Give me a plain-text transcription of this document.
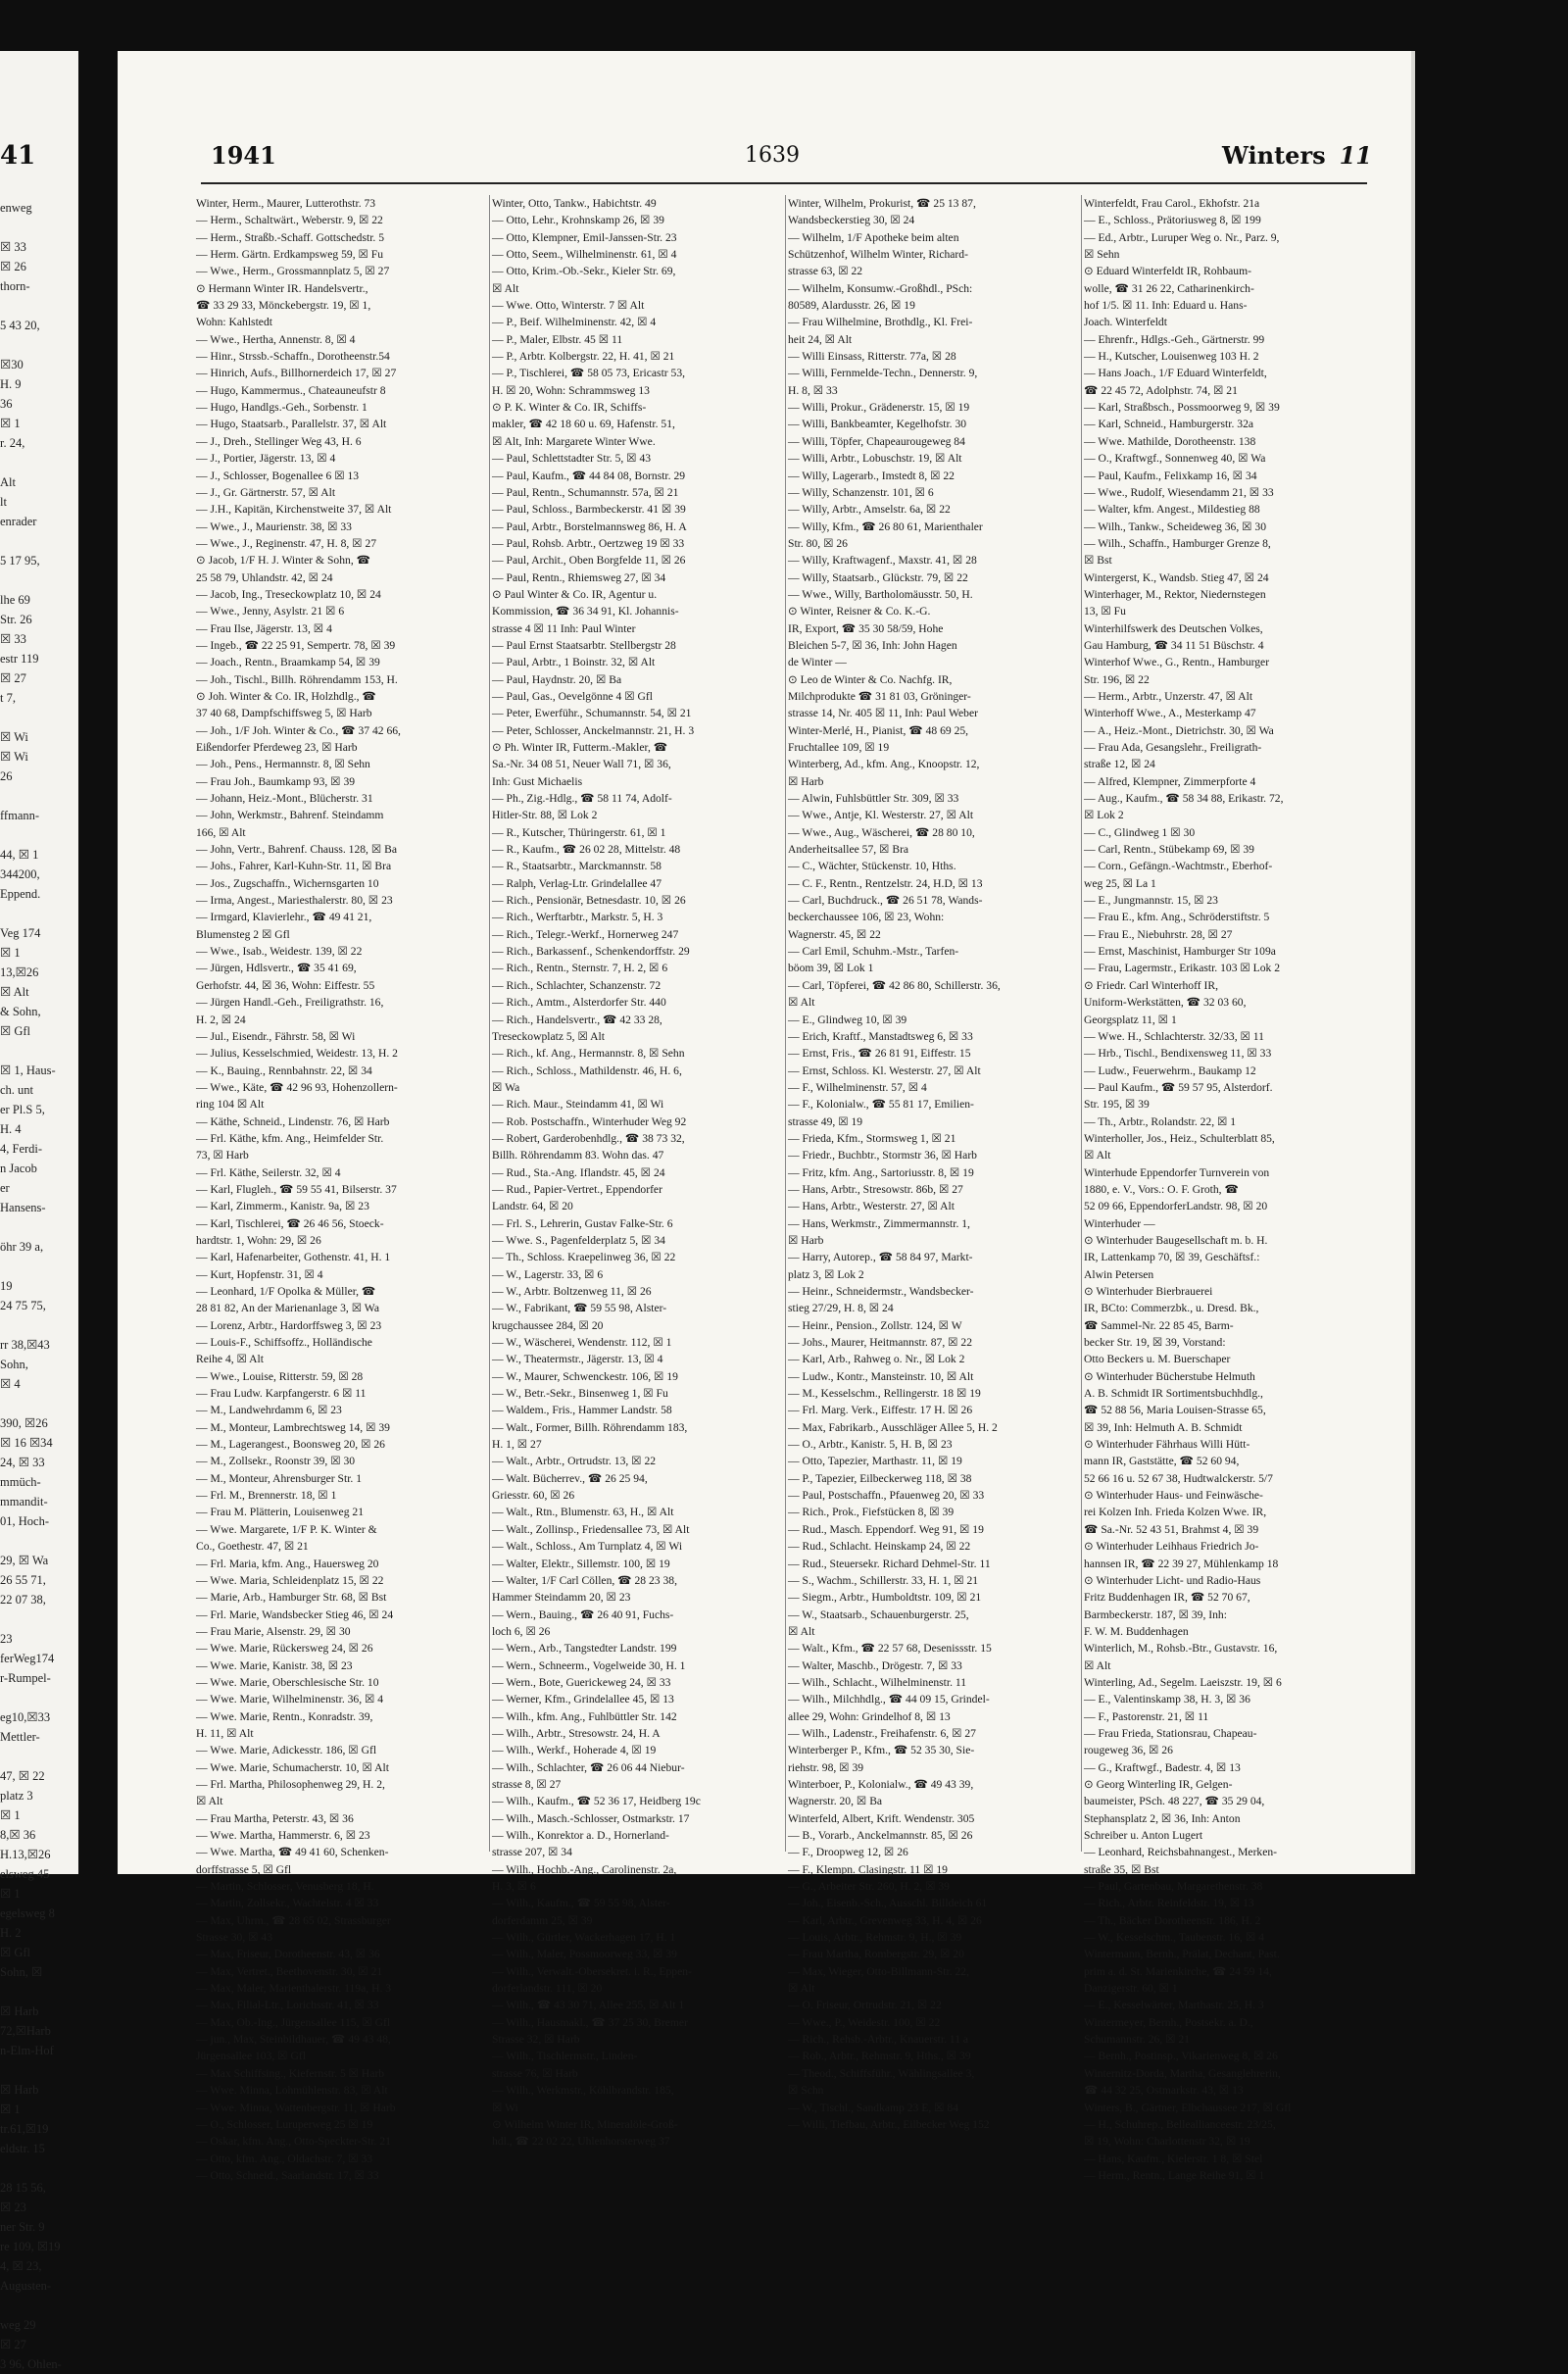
41
enweg

☒ 33
☒ 26
thorn-

5 43 20,

☒30
H. 9
36
☒ 1
r. 24,

Alt
lt
enrader

5 17 95,

lhe 69
Str. 26
☒ 33
estr 119
☒ 27
t 7,

☒ Wi
☒ Wi
26

ffmann-

44, ☒ 1
344200,
Eppend.

Veg 174
☒ 1
13,☒26
☒ Alt
& Sohn,
☒ Gfl

☒ 1, Haus-
ch. unt
er Pl.S 5,
H. 4
4, Ferdi-
n Jacob
er
Hansens-

öhr 39 a,

19
24 75 75,

rr 38,☒43
Sohn,
☒ 4

390, ☒26
☒ 16 ☒34
24, ☒ 33
mmüch-
mmandit-
01, Hoch-

29, ☒ Wa
26 55 71,
22 07 38,

23
ferWeg174
r-Rumpel-

eg10,☒33
Mettler-

47, ☒ 22
platz 3
☒ 1
8,☒ 36
H.13,☒26
elsweg 45
☒ 1
egelsweg 8
H. 2
☒ Gfl
Sohn, ☒

☒ Harb
72,☒Harb
n-Elm-Hof

☒ Harb
☒ 1
tr.61,☒19
eldstr. 15

28 15 56,
☒ 23
ner Str. 9
re 109, ☒19
4, ☒ 23,
Augusten-

weg 29
☒ 27
3 96, Ohlen-
1941	1639	Winters 11
Winter, Herm., Maurer, Lutterothstr. 73
— Herm., Schaltwärt., Weberstr. 9, ☒ 22
— Herm., Straßb.-Schaff. Gottschedstr. 5
— Herm. Gärtn. Erdkampsweg 59, ☒ Fu
— Wwe., Herm., Grossmannplatz 5, ☒ 27
⊙ Hermann Winter IR. Handelsvertr.,
☎ 33 29 33, Mönckebergstr. 19, ☒ 1,
Wohn: Kahlstedt
— Wwe., Hertha, Annenstr. 8, ☒ 4
— Hinr., Strssb.-Schaffn., Dorotheenstr.54
— Hinrich, Aufs., Billhornerdeich 17, ☒ 27
— Hugo, Kammermus., Chateauneufstr 8
— Hugo, Handlgs.-Geh., Sorbenstr. 1
— Hugo, Staatsarb., Parallelstr. 37, ☒ Alt
— J., Dreh., Stellinger Weg 43, H. 6
— J., Portier, Jägerstr. 13, ☒ 4
— J., Schlosser, Bogenallee 6 ☒ 13
— J., Gr. Gärtnerstr. 57, ☒ Alt
— J.H., Kapitän, Kirchenstweite 37, ☒ Alt
— Wwe., J., Maurienstr. 38, ☒ 33
— Wwe., J., Reginenstr. 47, H. 8, ☒ 27
⊙ Jacob, 1/F H. J. Winter & Sohn, ☎
25 58 79, Uhlandstr. 42, ☒ 24
— Jacob, Ing., Treseckowplatz 10, ☒ 24
— Wwe., Jenny, Asylstr. 21 ☒ 6
— Frau Ilse, Jägerstr. 13, ☒ 4
— Ingeb., ☎ 22 25 91, Sempertr. 78, ☒ 39
— Joach., Rentn., Braamkamp 54, ☒ 39
— Joh., Tischl., Billh. Röhrendamm 153, H.
⊙ Joh. Winter & Co. IR, Holzhdlg., ☎
37 40 68, Dampfschiffsweg 5, ☒ Harb
— Joh., 1/F Joh. Winter & Co., ☎ 37 42 66,
Eißendorfer Pferdeweg 23, ☒ Harb
— Joh., Pens., Hermannstr. 8, ☒ Sehn
— Frau Joh., Baumkamp 93, ☒ 39
— Johann, Heiz.-Mont., Blücherstr. 31
— John, Werkmstr., Bahrenf. Steindamm
166, ☒ Alt
— John, Vertr., Bahrenf. Chauss. 128, ☒ Ba
— Johs., Fahrer, Karl-Kuhn-Str. 11, ☒ Bra
— Jos., Zugschaffn., Wichernsgarten 10
— Irma, Angest., Mariesthalerstr. 80, ☒ 23
— Irmgard, Klavierlehr., ☎ 49 41 21,
Blumensteg 2 ☒ Gfl
— Wwe., Isab., Weidestr. 139, ☒ 22
— Jürgen, Hdlsvertr., ☎ 35 41 69,
Gerhofstr. 44, ☒ 36, Wohn: Eiffestr. 55
— Jürgen Handl.-Geh., Freiligrathstr. 16,
H. 2, ☒ 24
— Jul., Eisendr., Fährstr. 58, ☒ Wi
— Julius, Kesselschmied, Weidestr. 13, H. 2
— K., Bauing., Rennbahnstr. 22, ☒ 34
— Wwe., Käte, ☎ 42 96 93, Hohenzollern-
ring 104 ☒ Alt
— Käthe, Schneid., Lindenstr. 76, ☒ Harb
— Frl. Käthe, kfm. Ang., Heimfelder Str.
73, ☒ Harb
— Frl. Käthe, Seilerstr. 32, ☒ 4
— Karl, Flugleh., ☎ 59 55 41, Bilserstr. 37
— Karl, Zimmerm., Kanistr. 9a, ☒ 23
— Karl, Tischlerei, ☎ 26 46 56, Stoeck-
hardtstr. 1, Wohn: 29, ☒ 26
— Karl, Hafenarbeiter, Gothenstr. 41, H. 1
— Kurt, Hopfenstr. 31, ☒ 4
— Leonhard, 1/F Opolka & Müller, ☎
28 81 82, An der Marienanlage 3, ☒ Wa
— Lorenz, Arbtr., Hardorffsweg 3, ☒ 23
— Louis-F., Schiffsoffz., Holländische
Reihe 4, ☒ Alt
— Wwe., Louise, Ritterstr. 59, ☒ 28
— Frau Ludw. Karpfangerstr. 6 ☒ 11
— M., Landwehrdamm 6, ☒ 23
— M., Monteur, Lambrechtsweg 14, ☒ 39
— M., Lagerangest., Boonsweg 20, ☒ 26
— M., Zollsekr., Roonstr 39, ☒ 30
— M., Monteur, Ahrensburger Str. 1
— Frl. M., Brennerstr. 18, ☒ 1
— Frau M. Plätterin, Louisenweg 21
— Wwe. Margarete, 1/F P. K. Winter &
Co., Goethestr. 47, ☒ 21
— Frl. Maria, kfm. Ang., Hauersweg 20
— Wwe. Maria, Schleidenplatz 15, ☒ 22
— Marie, Arb., Hamburger Str. 68, ☒ Bst
— Frl. Marie, Wandsbecker Stieg 46, ☒ 24
— Frau Marie, Alsenstr. 29, ☒ 30
— Wwe. Marie, Rückersweg 24, ☒ 26
— Wwe. Marie, Kanistr. 38, ☒ 23
— Wwe. Marie, Oberschlesische Str. 10
— Wwe. Marie, Wilhelminenstr. 36, ☒ 4
— Wwe. Marie, Rentn., Konradstr. 39,
H. 11, ☒ Alt
— Wwe. Marie, Adickesstr. 186, ☒ Gfl
— Wwe. Marie, Schumacherstr. 10, ☒ Alt
— Frl. Martha, Philosophenweg 29, H. 2,
☒ Alt
— Frau Martha, Peterstr. 43, ☒ 36
— Wwe. Martha, Hammerstr. 6, ☒ 23
— Wwe. Martha, ☎ 49 41 60, Schenken-
dorffstrasse 5, ☒ Gfl
— Martin, Schlosser, Venusberg 18, H.
— Martin, Zollsekr., Wachtelstr. 4 ☒ 33
— Max, Uhrm., ☎ 28 65 02, Strassburger
Strasse 30, ☒ 43
— Max, Friseur, Dorotheenstr. 43, ☒ 36
— Max, Vertret., Beethovenstr. 30, ☒ 21
— Max, Maler, Marienthalerstr. 119a, H. 3
— Max, Filial-Ltr., Lorichsstr. 41, ☒ 33
— Max, Ob.-Ing., Jürgensallee 115, ☒ Gfl
— jun., Max, Steinbildhauer, ☎ 49 43 48,
Jürgensallee 103, ☒ Gfl
— Max Schiffsing., Kiefernstr. 5 ☒ Harb
— Wwe. Minna, Lohmühlenstr. 83, ☒ Alt
— Wwe. Minna, Wattenbergstr. 11, ☒ Harb
— O., Schlosser, Luruperweg 25 ☒ 19
— Oskar, kfm. Ang., Otto-Speckter-Str. 21
— Otto, kfm. Ang., Oldachstr. 7, ☒ 33
— Otto, Schneid., Saarlandstr. 17, ☒ 33
Winter, Otto, Tankw., Habichtstr. 49
— Otto, Lehr., Krohnskamp 26, ☒ 39
— Otto, Klempner, Emil-Janssen-Str. 23
— Otto, Seem., Wilhelminenstr. 61, ☒ 4
— Otto, Krim.-Ob.-Sekr., Kieler Str. 69,
☒ Alt
— Wwe. Otto, Winterstr. 7 ☒ Alt
— P., Beif. Wilhelminenstr. 42, ☒ 4
— P., Maler, Elbstr. 45 ☒ 11
— P., Arbtr. Kolbergstr. 22, H. 41, ☒ 21
— P., Tischlerei, ☎ 58 05 73, Ericastr 53,
H. ☒ 20, Wohn: Schrammsweg 13
⊙ P. K. Winter & Co. IR, Schiffs-
makler, ☎ 42 18 60 u. 69, Hafenstr. 51,
☒ Alt, Inh: Margarete Winter Wwe.
— Paul, Schlettstadter Str. 5, ☒ 43
— Paul, Kaufm., ☎ 44 84 08, Bornstr. 29
— Paul, Rentn., Schumannstr. 57a, ☒ 21
— Paul, Schloss., Barmbeckerstr. 41 ☒ 39
— Paul, Arbtr., Borstelmannsweg 86, H. A
— Paul, Rohsb. Arbtr., Oertzweg 19 ☒ 33
— Paul, Archit., Oben Borgfelde 11, ☒ 26
— Paul, Rentn., Rhiemsweg 27, ☒ 34
⊙ Paul Winter & Co. IR, Agentur u.
Kommission, ☎ 36 34 91, Kl. Johannis-
strasse 4 ☒ 11 Inh: Paul Winter
— Paul Ernst Staatsarbtr. Stellbergstr 28
— Paul, Arbtr., 1 Boinstr. 32, ☒ Alt
— Paul, Haydnstr. 20, ☒ Ba
— Paul, Gas., Oevelgönne 4 ☒ Gfl
— Peter, Ewerführ., Schumannstr. 54, ☒ 21
— Peter, Schlosser, Anckelmannstr. 21, H. 3
⊙ Ph. Winter IR, Futterm.-Makler, ☎
Sa.-Nr. 34 08 51, Neuer Wall 71, ☒ 36,
Inh: Gust Michaelis
— Ph., Zig.-Hdlg., ☎ 58 11 74, Adolf-
Hitler-Str. 88, ☒ Lok 2
— R., Kutscher, Thüringerstr. 61, ☒ 1
— R., Kaufm., ☎ 26 02 28, Mittelstr. 48
— R., Staatsarbtr., Marckmannstr. 58
— Ralph, Verlag-Ltr. Grindelallee 47
— Rich., Pensionär, Betnesdastr. 10, ☒ 26
— Rich., Werftarbtr., Markstr. 5, H. 3
— Rich., Telegr.-Werkf., Hornerweg 247
— Rich., Barkassenf., Schenkendorffstr. 29
— Rich., Rentn., Sternstr. 7, H. 2, ☒ 6
— Rich., Schlachter, Schanzenstr. 72
— Rich., Amtm., Alsterdorfer Str. 440
— Rich., Handelsvertr., ☎ 42 33 28,
Treseckowplatz 5, ☒ Alt
— Rich., kf. Ang., Hermannstr. 8, ☒ Sehn
— Rich., Schloss., Mathildenstr. 46, H. 6,
☒ Wa
— Rich. Maur., Steindamm 41, ☒ Wi
— Rob. Postschaffn., Winterhuder Weg 92
— Robert, Garderobenhdlg., ☎ 38 73 32,
Billh. Röhrendamm 83. Wohn das. 47
— Rud., Sta.-Ang. Iflandstr. 45, ☒ 24
— Rud., Papier-Vertret., Eppendorfer
Landstr. 64, ☒ 20
— Frl. S., Lehrerin, Gustav Falke-Str. 6
— Wwe. S., Pagenfelderplatz 5, ☒ 34
— Th., Schloss. Kraepelinweg 36, ☒ 22
— W., Lagerstr. 33, ☒ 6
— W., Arbtr. Boltzenweg 11, ☒ 26
— W., Fabrikant, ☎ 59 55 98, Alster-
krugchaussee 284, ☒ 20
— W., Wäscherei, Wendenstr. 112, ☒ 1
— W., Theatermstr., Jägerstr. 13, ☒ 4
— W., Maurer, Schwenckestr. 106, ☒ 19
— W., Betr.-Sekr., Binsenweg 1, ☒ Fu
— Waldem., Fris., Hammer Landstr. 58
— Walt., Former, Billh. Röhrendamm 183,
H. 1, ☒ 27
— Walt., Arbtr., Ortrudstr. 13, ☒ 22
— Walt. Bücherrev., ☎ 26 25 94,
Griesstr. 60, ☒ 26
— Walt., Rtn., Blumenstr. 63, H., ☒ Alt
— Walt., Zollinsp., Friedensallee 73, ☒ Alt
— Walt., Schloss., Am Turnplatz 4, ☒ Wi
— Walter, Elektr., Sillemstr. 100, ☒ 19
— Walter, 1/F Carl Cöllen, ☎ 28 23 38,
Hammer Steindamm 20, ☒ 23
— Wern., Bauing., ☎ 26 40 91, Fuchs-
loch 6, ☒ 26
— Wern., Arb., Tangstedter Landstr. 199
— Wern., Schneerm., Vogelweide 30, H. 1
— Wern., Bote, Guerickeweg 24, ☒ 33
— Werner, Kfm., Grindelallee 45, ☒ 13
— Wilh., kfm. Ang., Fuhlbüttler Str. 142
— Wilh., Arbtr., Stresowstr. 24, H. A
— Wilh., Werkf., Hoherade 4, ☒ 19
— Wilh., Schlachter, ☎ 26 06 44 Niebur-
strasse 8, ☒ 27
— Wilh., Kaufm., ☎ 52 36 17, Heidberg 19c
— Wilh., Masch.-Schlosser, Ostmarkstr. 17
— Wilh., Konrektor a. D., Hornerland-
strasse 207, ☒ 34
— Wilh., Hochb.-Ang., Carolinenstr. 2a,
H. 3, ☒ 6
— Wilh., Kaufm., ☎ 59 55 98, Alster-
dorferdamm 25, ☒ 39
— Wilh., Gürtler, Wackerhagen 17, H. 1
— Wilh., Maler, Possmoorweg 33, ☒ 39
— Wilh., Verwalt.-Obersekret. i. R., Eppen-
dorferlandstr. 111, ☒ 20
— Wilh., ☎ 43 30 71, Allee 255, ☒ Alt 1
— Wilh., Hausmakl., ☎ 37 25 30, Bremer
Strasse 32, ☒ Harb
— Wilh., Tischlermstr., Linden-
strasse 76, ☒ Harb
— Wilh., Werkmstr., Köhlbrandstr. 185,
☒ Wi
⊙ Wilhelm Winter IR, Mineralöle-Groß-
hdl., ☎ 22 02 22, Uhlenhorsterweg 37
Winter, Wilhelm, Prokurist, ☎ 25 13 87,
Wandsbeckerstieg 30, ☒ 24
— Wilhelm, 1/F Apotheke beim alten
Schützenhof, Wilhelm Winter, Richard-
strasse 63, ☒ 22
— Wilhelm, Konsumw.-Großhdl., PSch:
80589, Alardusstr. 26, ☒ 19
— Frau Wilhelmine, Brothdlg., Kl. Frei-
heit 24, ☒ Alt
— Willi Einsass, Ritterstr. 77a, ☒ 28
— Willi, Fernmelde-Techn., Dennerstr. 9,
H. 8, ☒ 33
— Willi, Prokur., Grädenerstr. 15, ☒ 19
— Willi, Bankbeamter, Kegelhofstr. 30
— Willi, Töpfer, Chapeaurougeweg 84
— Willi, Arbtr., Lobuschstr. 19, ☒ Alt
— Willy, Lagerarb., Imstedt 8, ☒ 22
— Willy, Schanzenstr. 101, ☒ 6
— Willy, Arbtr., Amselstr. 6a, ☒ 22
— Willy, Kfm., ☎ 26 80 61, Marienthaler
Str. 80, ☒ 26
— Willy, Kraftwagenf., Maxstr. 41, ☒ 28
— Willy, Staatsarb., Glückstr. 79, ☒ 22
— Wwe., Willy, Bartholomäusstr. 50, H.
⊙ Winter, Reisner & Co. K.-G.
IR, Export, ☎ 35 30 58/59, Hohe
Bleichen 5-7, ☒ 36, Inh: John Hagen
de Winter —
⊙ Leo de Winter & Co. Nachfg. IR,
Milchprodukte ☎ 31 81 03, Gröninger-
strasse 14, Nr. 405 ☒ 11, Inh: Paul Weber
Winter-Merlé, H., Pianist, ☎ 48 69 25,
Fruchtallee 109, ☒ 19
Winterberg, Ad., kfm. Ang., Knoopstr. 12,
☒ Harb
— Alwin, Fuhlsbüttler Str. 309, ☒ 33
— Wwe., Antje, Kl. Westerstr. 27, ☒ Alt
— Wwe., Aug., Wäscherei, ☎ 28 80 10,
Anderheitsallee 57, ☒ Bra
— C., Wächter, Stückenstr. 10, Hths.
— C. F., Rentn., Rentzelstr. 24, H.D, ☒ 13
— Carl, Buchdruck., ☎ 26 51 78, Wands-
beckerchaussee 106, ☒ 23, Wohn:
Wagnerstr. 45, ☒ 22
— Carl Emil, Schuhm.-Mstr., Tarfen-
böom 39, ☒ Lok 1
— Carl, Töpferei, ☎ 42 86 80, Schillerstr. 36,
☒ Alt
— E., Glindweg 10, ☒ 39
— Erich, Kraftf., Manstadtsweg 6, ☒ 33
— Ernst, Fris., ☎ 26 81 91, Eiffestr. 15
— Ernst, Schloss. Kl. Westerstr. 27, ☒ Alt
— F., Wilhelminenstr. 57, ☒ 4
— F., Kolonialw., ☎ 55 81 17, Emilien-
strasse 49, ☒ 19
— Frieda, Kfm., Stormsweg 1, ☒ 21
— Friedr., Buchbtr., Stormstr 36, ☒ Harb
— Fritz, kfm. Ang., Sartoriusstr. 8, ☒ 19
— Hans, Arbtr., Stresowstr. 86b, ☒ 27
— Hans, Arbtr., Westerstr. 27, ☒ Alt
— Hans, Werkmstr., Zimmermannstr. 1,
☒ Harb
— Harry, Autorep., ☎ 58 84 97, Markt-
platz 3, ☒ Lok 2
— Heinr., Schneidermstr., Wandsbecker-
stieg 27/29, H. 8, ☒ 24
— Heinr., Pension., Zollstr. 124, ☒ W
— Johs., Maurer, Heitmannstr. 87, ☒ 22
— Karl, Arb., Rahweg o. Nr., ☒ Lok 2
— Ludw., Kontr., Mansteinstr. 10, ☒ Alt
— M., Kesselschm., Rellingerstr. 18 ☒ 19
— Frl. Marg. Verk., Eiffestr. 17 H. ☒ 26
— Max, Fabrikarb., Ausschläger Allee 5, H. 2
— O., Arbtr., Kanistr. 5, H. B, ☒ 23
— Otto, Tapezier, Marthastr. 11, ☒ 19
— P., Tapezier, Eilbeckerweg 118, ☒ 38
— Paul, Postschaffn., Pfauenweg 20, ☒ 33
— Rich., Prok., Fiefstücken 8, ☒ 39
— Rud., Masch. Eppendorf. Weg 91, ☒ 19
— Rud., Schlacht. Heinskamp 24, ☒ 22
— Rud., Steuersekr. Richard Dehmel-Str. 11
— S., Wachm., Schillerstr. 33, H. 1, ☒ 21
— Siegm., Arbtr., Humboldtstr. 109, ☒ 21
— W., Staatsarb., Schauenburgerstr. 25,
☒ Alt
— Walt., Kfm., ☎ 22 57 68, Desenissstr. 15
— Walter, Maschb., Drögestr. 7, ☒ 33
— Wilh., Schlacht., Wilhelminenstr. 11
— Wilh., Milchhdlg., ☎ 44 09 15, Grindel-
allee 29, Wohn: Grindelhof 8, ☒ 13
— Wilh., Ladenstr., Freihafenstr. 6, ☒ 27
Winterberger P., Kfm., ☎ 52 35 30, Sie-
riehstr. 98, ☒ 39
Winterboer, P., Kolonialw., ☎ 49 43 39,
Wagnerstr. 20, ☒ Ba
Winterfeld, Albert, Krift. Wendenstr. 305
— B., Vorarb., Anckelmannstr. 85, ☒ 26
— F., Droopweg 12, ☒ 26
— F., Klempn. Clasingstr. 11 ☒ 19
— G., Arbeiter Str. 260, H. 2, ☒ 39
— Joh., Eisenb.-Sch., Ausschl. Billdeich 61
— Karl, Arbtr., Grevenweg 33, H. 4, ☒ 26
— Louis, Arbtr., Rehmstr. 9, H., ☒ 39
— Frau Martha, Rombergstr. 29, ☒ 20
— Max, Wieger, Otto-Billmann-Str. 22,
☒ Alt
— O. Friseur, Ortrudstr. 21, ☒ 22
— Wwe., P., Weidestr. 100, ☒ 22
— Rich., Rehsb.-Arbtr., Knauerstr. 11 a
— Rob., Arbtr., Rehmstr. 9, Hths., ☒ 39
— Theod., Schiffsführ., Wählingsallee 3,
☒ Schn
— W., Tischl., Sandkamp 23 E, ☒ 84
— Willi, Tiefbau, Arbtr., Eilbecker Weg 152
Winterfeldt, Frau Carol., Ekhofstr. 21a
— E., Schloss., Prätoriusweg 8, ☒ 199
— Ed., Arbtr., Luruper Weg o. Nr., Parz. 9,
☒ Sehn
⊙ Eduard Winterfeldt IR, Rohbaum-
wolle, ☎ 31 26 22, Catharinenkirch-
hof 1/5. ☒ 11. Inh: Eduard u. Hans-
Joach. Winterfeldt
— Ehrenfr., Hdlgs.-Geh., Gärtnerstr. 99
— H., Kutscher, Louisenweg 103 H. 2
— Hans Joach., 1/F Eduard Winterfeldt,
☎ 22 45 72, Adolphstr. 74, ☒ 21
— Karl, Straßbsch., Possmoorweg 9, ☒ 39
— Karl, Schneid., Hamburgerstr. 32a
— Wwe. Mathilde, Dorotheenstr. 138
— O., Kraftwgf., Sonnenweg 40, ☒ Wa
— Paul, Kaufm., Felixkamp 16, ☒ 34
— Wwe., Rudolf, Wiesendamm 21, ☒ 33
— Walter, kfm. Angest., Mildestieg 88
— Wilh., Tankw., Scheideweg 36, ☒ 30
— Wilh., Schaffn., Hamburger Grenze 8,
☒ Bst
Wintergerst, K., Wandsb. Stieg 47, ☒ 24
Winterhager, M., Rektor, Niedernstegen
13, ☒ Fu
Winterhilfswerk des Deutschen Volkes,
Gau Hamburg, ☎ 34 11 51 Büschstr. 4
Winterhof Wwe., G., Rentn., Hamburger
Str. 196, ☒ 22
— Herm., Arbtr., Unzerstr. 47, ☒ Alt
Winterhoff Wwe., A., Mesterkamp 47
— A., Heiz.-Mont., Dietrichstr. 30, ☒ Wa
— Frau Ada, Gesangslehr., Freiligrath-
straße 12, ☒ 24
— Alfred, Klempner, Zimmerpforte 4
— Aug., Kaufm., ☎ 58 34 88, Erikastr. 72,
☒ Lok 2
— C., Glindweg 1 ☒ 30
— Carl, Rentn., Stübekamp 69, ☒ 39
— Corn., Gefängn.-Wachtmstr., Eberhof-
weg 25, ☒ La 1
— E., Jungmannstr. 15, ☒ 23
— Frau E., kfm. Ang., Schröderstiftstr. 5
— Frau E., Niebuhrstr. 28, ☒ 27
— Ernst, Maschinist, Hamburger Str 109a
— Frau, Lagermstr., Erikastr. 103 ☒ Lok 2
⊙ Friedr. Carl Winterhoff IR,
Uniform-Werkstätten, ☎ 32 03 60,
Georgsplatz 11, ☒ 1
— Wwe. H., Schlachterstr. 32/33, ☒ 11
— Hrb., Tischl., Bendixensweg 11, ☒ 33
— Ludw., Feuerwehrm., Baukamp 12
— Paul Kaufm., ☎ 59 57 95, Alsterdorf.
Str. 195, ☒ 39
— Th., Arbtr., Rolandstr. 22, ☒ 1
Winterholler, Jos., Heiz., Schulterblatt 85,
☒ Alt
Winterhude Eppendorfer Turnverein von
1880, e. V., Vors.: O. F. Groth, ☎
52 09 66, EppendorferLandstr. 98, ☒ 20
Winterhuder —
⊙ Winterhuder Baugesellschaft m. b. H.
IR, Lattenkamp 70, ☒ 39, Geschäftsf.:
Alwin Petersen
⊙ Winterhuder Bierbrauerei
IR, BCto: Commerzbk., u. Dresd. Bk.,
☎ Sammel-Nr. 22 85 45, Barm-
becker Str. 19, ☒ 39, Vorstand:
Otto Beckers u. M. Buerschaper
⊙ Winterhuder Bücherstube Helmuth
A. B. Schmidt IR Sortimentsbuchhdlg.,
☎ 52 88 56, Maria Louisen-Strasse 65,
☒ 39, Inh: Helmuth A. B. Schmidt
⊙ Winterhuder Fährhaus Willi Hütt-
mann IR, Gaststätte, ☎ 52 60 94,
52 66 16 u. 52 67 38, Hudtwalckerstr. 5/7
⊙ Winterhuder Haus- und Feinwäsche-
rei Kolzen Inh. Frieda Kolzen Wwe. IR,
☎ Sa.-Nr. 52 43 51, Brahmst 4, ☒ 39
⊙ Winterhuder Leihhaus Friedrich Jo-
hannsen IR, ☎ 22 39 27, Mühlenkamp 18
⊙ Winterhuder Licht- und Radio-Haus
Fritz Buddenhagen IR, ☎ 52 70 67,
Barmbeckerstr. 187, ☒ 39, Inh:
F. W. M. Buddenhagen
Winterlich, M., Rohsb.-Btr., Gustavstr. 16,
☒ Alt
Winterling, Ad., Segelm. Laeiszstr. 19, ☒ 6
— E., Valentinskamp 38, H. 3, ☒ 36
— F., Pastorenstr. 21, ☒ 11
— Frau Frieda, Stationsrau, Chapeau-
rougeweg 36, ☒ 26
— G., Kraftwgf., Badestr. 4, ☒ 13
⊙ Georg Winterling IR, Gelgen-
baumeister, PSch. 48 227, ☎ 35 29 04,
Stephansplatz 2, ☒ 36, Inh: Anton
Schreiber u. Anton Lugert
— Leonhard, Reichsbahnangest., Merken-
straße 35, ☒ Bst
— Paul, Gartenbau, Margarethenstr. 38
— Rich., Arbtr. Reinfeldstr. 19, ☒ 13
— Th., Bäcker Dorotheenstr. 186, H. 2
— W., Kesselschm., Taubenstr. 16, ☒ 4
Wintermann, Bernh., Prälat, Dechant, Past.
prim a. d. St. Marienkirche, ☎ 24 59 14,
Danzigerstr. 60, ☒ 1
— E., Kesselwärter, Marthastr. 25, H. 3
Wintermeyer, Bernh., Postsekr. a. D.,
Schumannstr. 26, ☒ 21
— Bernh., Postinsp., Vikarienweg 8, ☒ 26
Winternitz-Dorda, Martha, Gesanglehrerin,
☎ 44 32 25, Ostmarkstr. 43, ☒ 13
Winters, B., Gärtner, Elbchaussee 217, ☒ Gfl
— H., Schuhrep., Belleallianceestr. 23/25,
☒ 19, Wohn: Charlottenstr 32, ☒ 19
— Hans, Kaufm., Kielerstr. 1 8, ☒ Stel
— Herm., Rentn., Lange Reihe 91, ☒ 1
